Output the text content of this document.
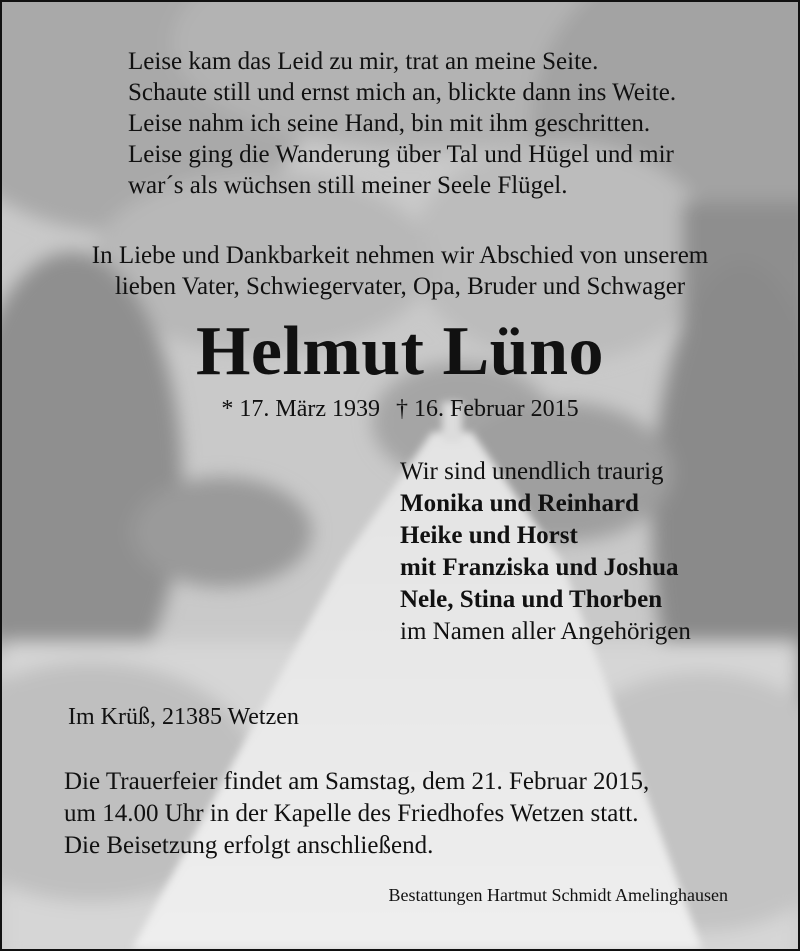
Leise kam das Leid zu mir, trat an meine Seite.
Schaute still und ernst mich an, blickte dann ins Weite.
Leise nahm ich seine Hand, bin mit ihm geschritten.
Leise ging die Wanderung über Tal und Hügel und mir
war´s als wüchsen still meiner Seele Flügel.
In Liebe und Dankbarkeit nehmen wir Abschied von unserem
lieben Vater, Schwiegervater, Opa, Bruder und Schwager
Helmut Lüno
* 17. März 1939 † 16. Februar 2015
Wir sind unendlich traurig
Monika und Reinhard
Heike und Horst
mit Franziska und Joshua
Nele, Stina und Thorben
im Namen aller Angehörigen
Im Krüß, 21385 Wetzen
Die Trauerfeier findet am Samstag, dem 21. Februar 2015,
um 14.00 Uhr in der Kapelle des Friedhofes Wetzen statt.
Die Beisetzung erfolgt anschließend.
Bestattungen Hartmut Schmidt Amelinghausen
